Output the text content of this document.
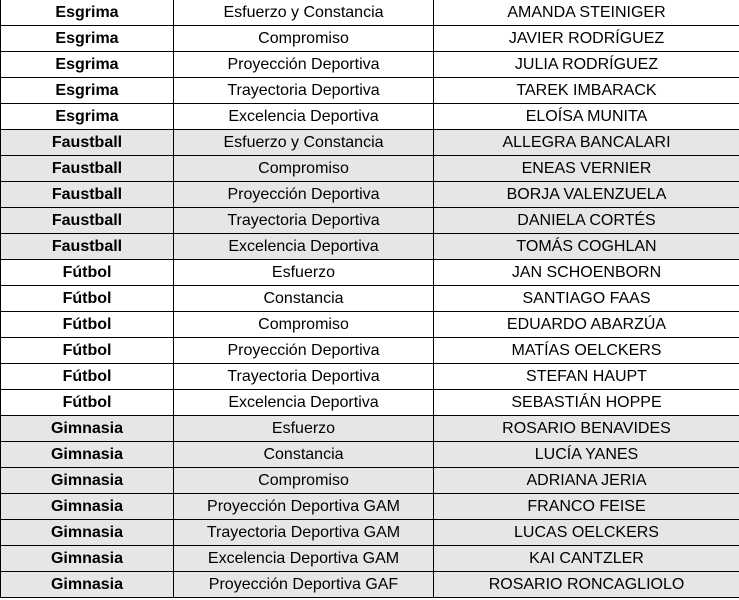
Esgrima	Esfuerzo y Constancia	AMANDA STEINIGER
Esgrima	Compromiso	JAVIER RODRÍGUEZ
Esgrima	Proyección Deportiva	JULIA RODRÍGUEZ
Esgrima	Trayectoria Deportiva	TAREK IMBARACK
Esgrima	Excelencia Deportiva	ELOÍSA MUNITA
Faustball	Esfuerzo y Constancia	ALLEGRA BANCALARI
Faustball	Compromiso	ENEAS VERNIER
Faustball	Proyección Deportiva	BORJA VALENZUELA
Faustball	Trayectoria Deportiva	DANIELA CORTÉS
Faustball	Excelencia Deportiva	TOMÁS COGHLAN
Fútbol	Esfuerzo	JAN SCHOENBORN
Fútbol	Constancia	SANTIAGO FAAS
Fútbol	Compromiso	EDUARDO ABARZÚA
Fútbol	Proyección Deportiva	MATÍAS OELCKERS
Fútbol	Trayectoria Deportiva	STEFAN HAUPT
Fútbol	Excelencia Deportiva	SEBASTIÁN HOPPE
Gimnasia	Esfuerzo	ROSARIO BENAVIDES
Gimnasia	Constancia	LUCÍA YANES
Gimnasia	Compromiso	ADRIANA JERIA
Gimnasia	Proyección Deportiva GAM	FRANCO FEISE
Gimnasia	Trayectoria Deportiva GAM	LUCAS OELCKERS
Gimnasia	Excelencia Deportiva GAM	KAI CANTZLER
Gimnasia	Proyección Deportiva GAF	ROSARIO RONCAGLIOLO
